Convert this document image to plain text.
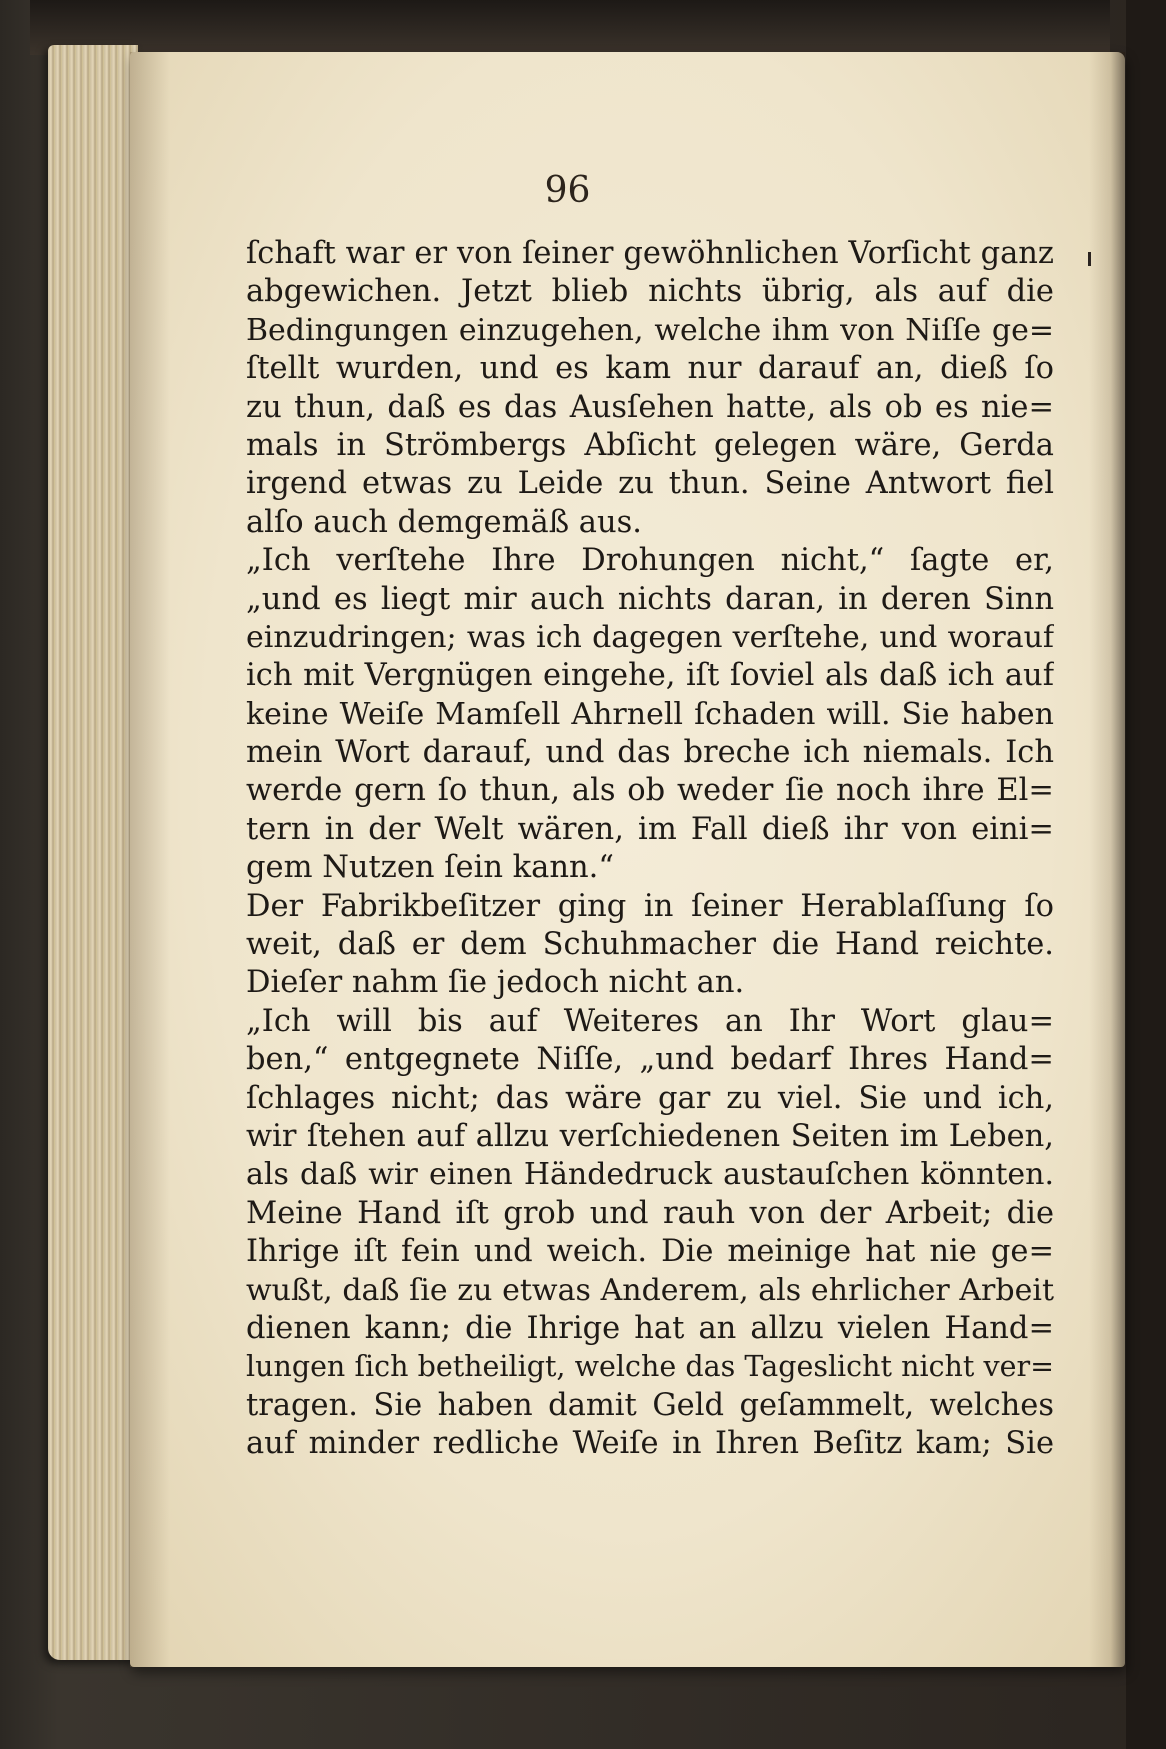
96
ſchaft war er von ſeiner gewöhnlichen Vorſicht ganz
abgewichen. Jetzt blieb nichts übrig, als auf die
Bedingungen einzugehen, welche ihm von Niſſe ge=
ſtellt wurden, und es kam nur darauf an, dieß ſo
zu thun, daß es das Ausſehen hatte, als ob es nie=
mals in Strömbergs Abſicht gelegen wäre, Gerda
irgend etwas zu Leide zu thun. Seine Antwort fiel
alſo auch demgemäß aus.
„Ich verſtehe Ihre Drohungen nicht,“ ſagte er,
„und es liegt mir auch nichts daran, in deren Sinn
einzudringen; was ich dagegen verſtehe, und worauf
ich mit Vergnügen eingehe, iſt ſoviel als daß ich auf
keine Weiſe Mamſell Ahrnell ſchaden will. Sie haben
mein Wort darauf, und das breche ich niemals. Ich
werde gern ſo thun, als ob weder ſie noch ihre El=
tern in der Welt wären, im Fall dieß ihr von eini=
gem Nutzen ſein kann.“
Der Fabrikbeſitzer ging in ſeiner Herablaſſung ſo
weit, daß er dem Schuhmacher die Hand reichte.
Dieſer nahm ſie jedoch nicht an.
„Ich will bis auf Weiteres an Ihr Wort glau=
ben,“ entgegnete Niſſe, „und bedarf Ihres Hand=
ſchlages nicht; das wäre gar zu viel. Sie und ich,
wir ſtehen auf allzu verſchiedenen Seiten im Leben,
als daß wir einen Händedruck austauſchen könnten.
Meine Hand iſt grob und rauh von der Arbeit; die
Ihrige iſt fein und weich. Die meinige hat nie ge=
wußt, daß ſie zu etwas Anderem, als ehrlicher Arbeit
dienen kann; die Ihrige hat an allzu vielen Hand=
lungen ſich betheiligt, welche das Tageslicht nicht ver=
tragen. Sie haben damit Geld geſammelt, welches
auf minder redliche Weiſe in Ihren Beſitz kam; Sie
